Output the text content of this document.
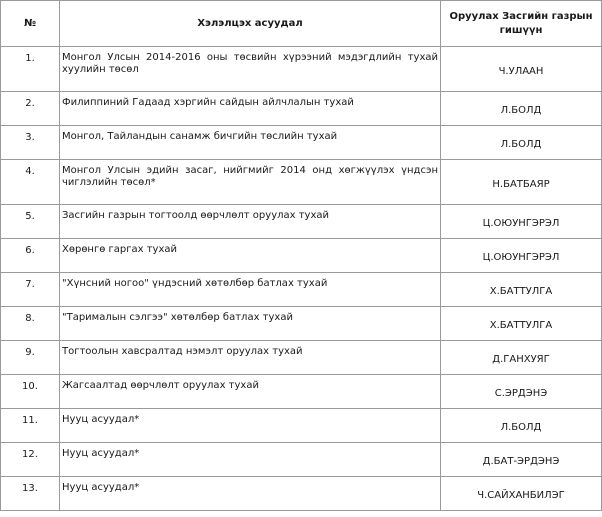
№	Хэлэлцэх асуудал	Оруулах Засгийн газрын гишүүн
1.	Монгол Улсын 2014-2016 оны төсвийн хүрээний мэдэгдлийн тухай хуулийн төсөл	Ч.УЛААН
2.	Филиппиний Гадаад хэргийн сайдын айлчлалын тухай	Л.БОЛД
3.	Монгол, Тайландын санамж бичгийн төслийн тухай	Л.БОЛД
4.	Монгол Улсын эдийн засаг, нийгмийг 2014 онд хөгжүүлэх үндсэн чиглэлийн төсөл*	Н.БАТБАЯР
5.	Засгийн газрын тогтоолд өөрчлөлт оруулах тухай	Ц.ОЮУНГЭРЭЛ
6.	Хөрөнгө гаргах тухай	Ц.ОЮУНГЭРЭЛ
7.	"Хүнсний ногоо" үндэсний хөтөлбөр батлах тухай	Х.БАТТУЛГА
8.	"Тарималын сэлгээ" хөтөлбөр батлах тухай	Х.БАТТУЛГА
9.	Тогтоолын хавсралтад нэмэлт оруулах тухай	Д.ГАНХУЯГ
10.	Жагсаалтад өөрчлөлт оруулах тухай	С.ЭРДЭНЭ
11.	Нууц асуудал*	Л.БОЛД
12.	Нууц асуудал*	Д.БАТ-ЭРДЭНЭ
13.	Нууц асуудал*	Ч.САЙХАНБИЛЭГ
